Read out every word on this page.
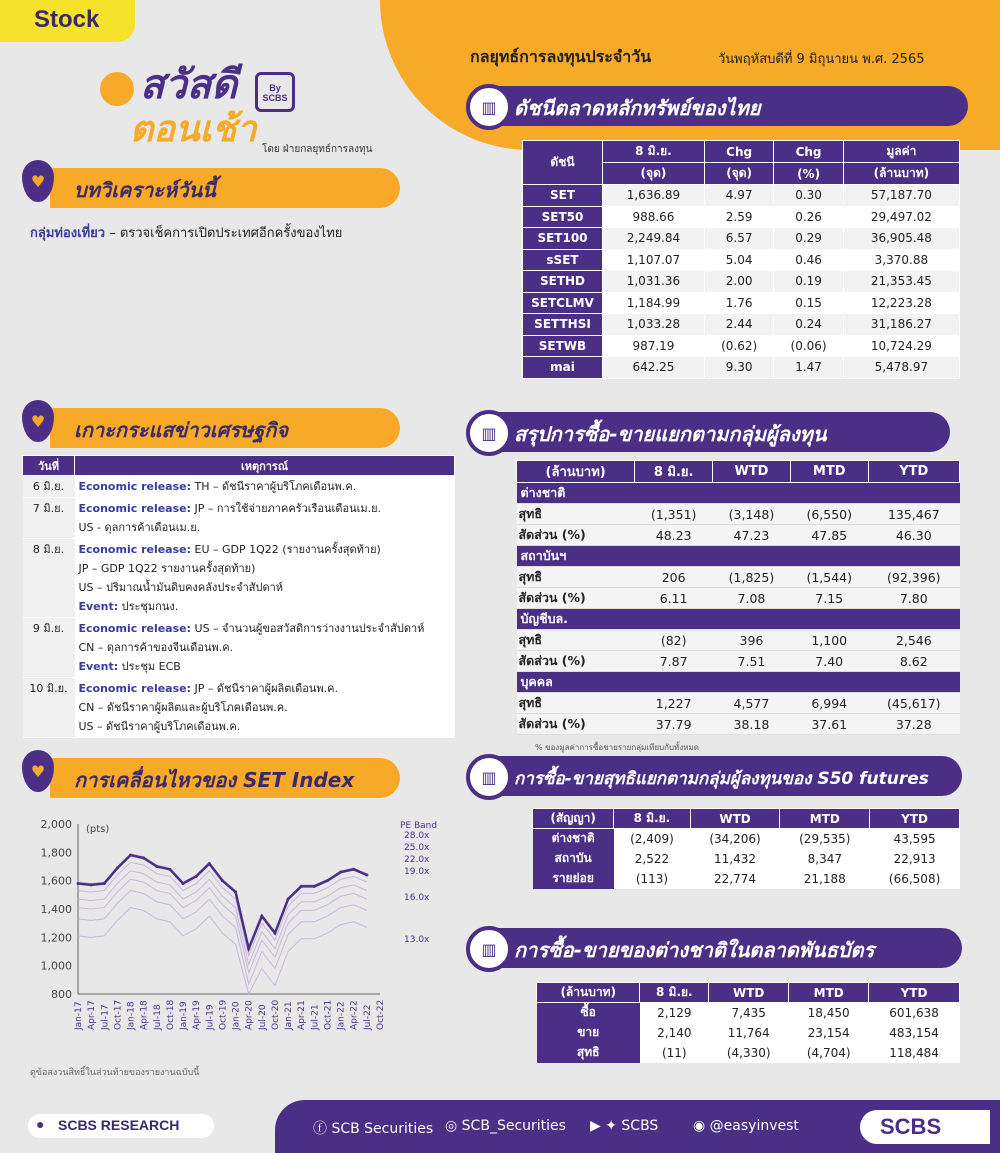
Stock
สวัสดี
ตอนเช้า
By SCBS
โดย ฝ่ายกลยุทธ์การลงทุน
กลยุทธ์การลงทุนประจำวัน	วันพฤหัสบดีที่ 9 มิถุนายน พ.ศ. 2565
บทวิเคราะห์วันนี้
♥
กลุ่มท่องเที่ยว – ตรวจเช็คการเปิดประเทศอีกครั้งของไทย
ดัชนีตลาดหลักทรัพย์ของไทย
▥
ดัชนี	8 มิ.ย.	Chg	Chg	มูลค่า
	(จุด)	(จุด)	(%)	(ล้านบาท)
SET	1,636.89	4.97	0.30	57,187.70
SET50	988.66	2.59	0.26	29,497.02
SET100	2,249.84	6.57	0.29	36,905.48
sSET	1,107.07	5.04	0.46	3,370.88
SETHD	1,031.36	2.00	0.19	21,353.45
SETCLMV	1,184.99	1.76	0.15	12,223.28
SETTHSI	1,033.28	2.44	0.24	31,186.27
SETWB	987.19	(0.62)	(0.06)	10,724.29
mai	642.25	9.30	1.47	5,478.97
เกาะกระแสข่าวเศรษฐกิจ
♥
วันที่	เหตุการณ์
6 มิ.ย.	Economic release: TH – ดัชนีราคาผู้บริโภคเดือนพ.ค.

7 มิ.ย.	Economic release: JP – การใช้จ่ายภาคครัวเรือนเดือนเม.ย.
US - ดุลการค้าเดือนเม.ย.

8 มิ.ย.	Economic release: EU – GDP 1Q22 (รายงานครั้งสุดท้าย)
JP – GDP 1Q22 รายงานครั้งสุดท้าย)
US – ปริมาณน้ำมันดิบคงคลังประจำสัปดาห์
Event: ประชุมกนง.

9 มิ.ย.	Economic release: US – จำนวนผู้ขอสวัสดิการว่างงานประจำสัปดาห์
CN – ดุลการค้าของจีนเดือนพ.ค.
Event: ประชุม ECB

10 มิ.ย.	Economic release: JP – ดัชนีราคาผู้ผลิตเดือนพ.ค.
CN – ดัชนีราคาผู้ผลิตและผู้บริโภคเดือนพ.ค.
US – ดัชนีราคาผู้บริโภคเดือนพ.ค.
การเคลื่อนไหวของ SET Index
♥
2,000
1,800
1,600
1,400
1,200
1,000
800
(pts)
Jan-17 Apr-17 Jul-17 Oct-17 Jan-18 Apr-18 Jul-18 Oct-18 Jan-19 Apr-19 Jul-19 Oct-19 Jan-20 Apr-20 Jul-20 Oct-20 Jan-21 Apr-21 Jul-21 Oct-21 Jan-22 Apr-22 Jul-22 Oct-22
PE Band
28.0x
25.0x
22.0x
19.0x
16.0x
13.0x
ดูข้อสงวนสิทธิ์ในส่วนท้ายของรายงานฉบับนี้
สรุปการซื้อ-ขายแยกตามกลุ่มผู้ลงทุน
▥
(ล้านบาท)	8 มิ.ย.	WTD	MTD	YTD
ต่างชาติ				
สุทธิ	(1,351)	(3,148)	(6,550)	135,467
สัดส่วน (%)	48.23	47.23	47.85	46.30
สถาบันฯ				
สุทธิ	206	(1,825)	(1,544)	(92,396)
สัดส่วน (%)	6.11	7.08	7.15	7.80
บัญชีบล.				
สุทธิ	(82)	396	1,100	2,546
สัดส่วน (%)	7.87	7.51	7.40	8.62
บุคคล				
สุทธิ	1,227	4,577	6,994	(45,617)
สัดส่วน (%)	37.79	38.18	37.61	37.28
% ของมูลค่าการซื้อขายรายกลุ่มเทียบกับทั้งหมด
การซื้อ-ขายสุทธิแยกตามกลุ่มผู้ลงทุนของ S50 futures
▥
(สัญญา)	8 มิ.ย.	WTD	MTD	YTD
ต่างชาติ	(2,409)	(34,206)	(29,535)	43,595
สถาบัน	2,522	11,432	8,347	22,913
รายย่อย	(113)	22,774	21,188	(66,508)
การซื้อ-ขายของต่างชาติในตลาดพันธบัตร
▥
(ล้านบาท)	8 มิ.ย.	WTD	MTD	YTD
ซื้อ	2,129	7,435	18,450	601,638
ขาย	2,140	11,764	23,154	483,154
สุทธิ	(11)	(4,330)	(4,704)	118,484
● SCBS RESEARCH	ⓕ SCB Securities ◎ SCB_Securities ▶ ✦ SCBS ◉ @easyinvest	SCBS
